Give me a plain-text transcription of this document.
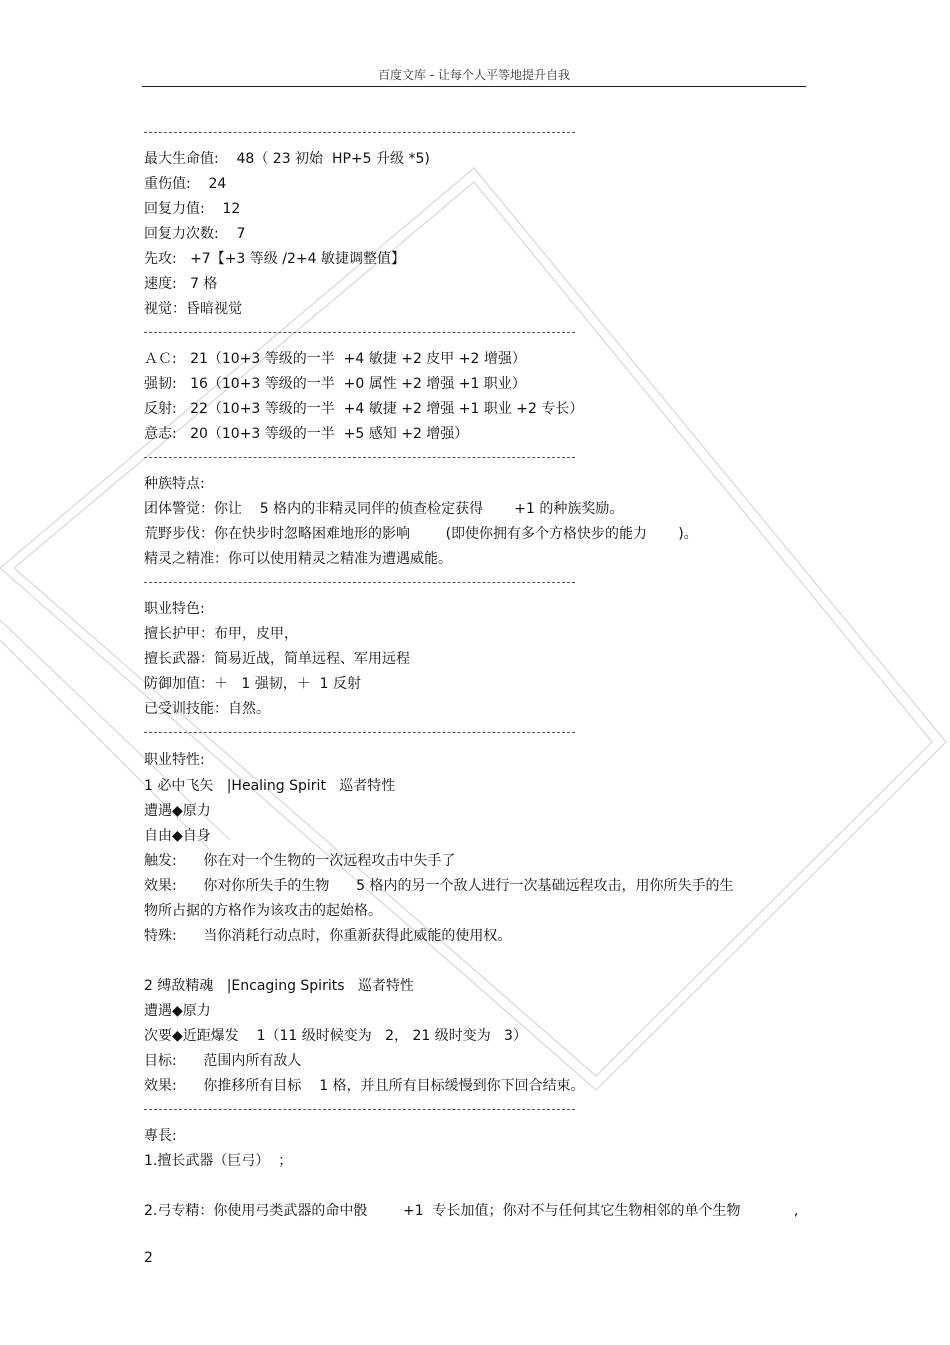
百度文库 - 让每个人平等地提升自我
最大生命值:    48（ 23 初始  HP+5 升级 *5)
重伤值:    24
回复力值:    12
回复力次数:    7
先攻:   +7【+3 等级 /2+4 敏捷调整值】
速度:   7 格
视觉：昏暗视觉
ＡＣ:   21（10+3 等级的一半  +4 敏捷 +2 皮甲 +2 增强）
强韧:   16（10+3 等级的一半  +0 属性 +2 增强 +1 职业）
反射:   22（10+3 等级的一半  +4 敏捷 +2 增强 +1 职业 +2 专长）
意志:   20（10+3 等级的一半  +5 感知 +2 增强）
种族特点:
团体警觉：你让    5 格内的非精灵同伴的侦查检定获得       +1 的种族奖励。
荒野步伐：你在快步时忽略困难地形的影响        (即使你拥有多个方格快步的能力       )。
精灵之精准：你可以使用精灵之精准为遭遇威能。
职业特色:
擅长护甲：布甲，皮甲，
擅长武器：简易近战，简单远程、军用远程
防御加值：＋   1 强韧，＋  1 反射
已受训技能：自然。
职业特性:
1 必中飞矢   |Healing Spirit   巡者特性
遭遇◆原力
自由◆自身
触发:      你在对一个生物的一次远程攻击中失手了
效果:      你对你所失手的生物      5 格内的另一个敌人进行一次基础远程攻击，用你所失手的生
物所占据的方格作为该攻击的起始格。
特殊:      当你消耗行动点时，你重新获得此威能的使用权。
2 缚敌精魂   |Encaging Spirits   巡者特性
遭遇◆原力
次要◆近距爆发    1（11 级时候变为   2， 21 级时变为   3）
目标:      范围内所有敌人
效果:      你推移所有目标    1 格，并且所有目标缓慢到你下回合结束。
專長:
1.擅长武器（巨弓）  ；
2.弓专精：你使用弓类武器的命中骰        +1  专长加值；你对不与任何其它生物相邻的单个生物            ,
2
